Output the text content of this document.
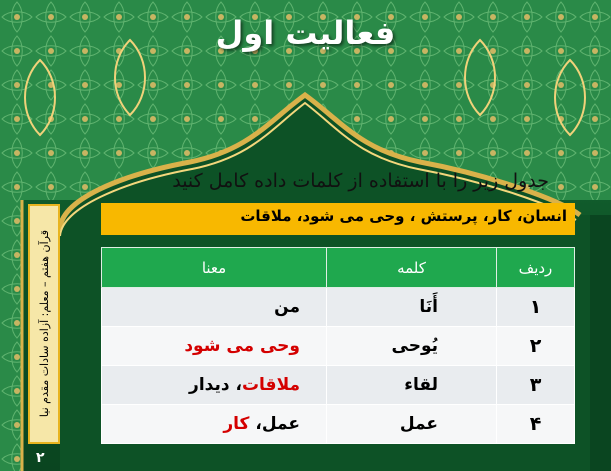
فعالیت اول
جدول زیر را با استفاده از کلمات داده کامل کنید
انسان، کار، پرستش ، وحی می شود، ملاقات
ردیف	کلمه	معنا
۱	أَنَا	من
۲	یُوحی	وحی می شود
۳	لقاء	ملاقات، دیدار
۴	عمل	عمل، کار
قرآن هفتم – معلم: آزاده سادات مقدم نیا
۲
